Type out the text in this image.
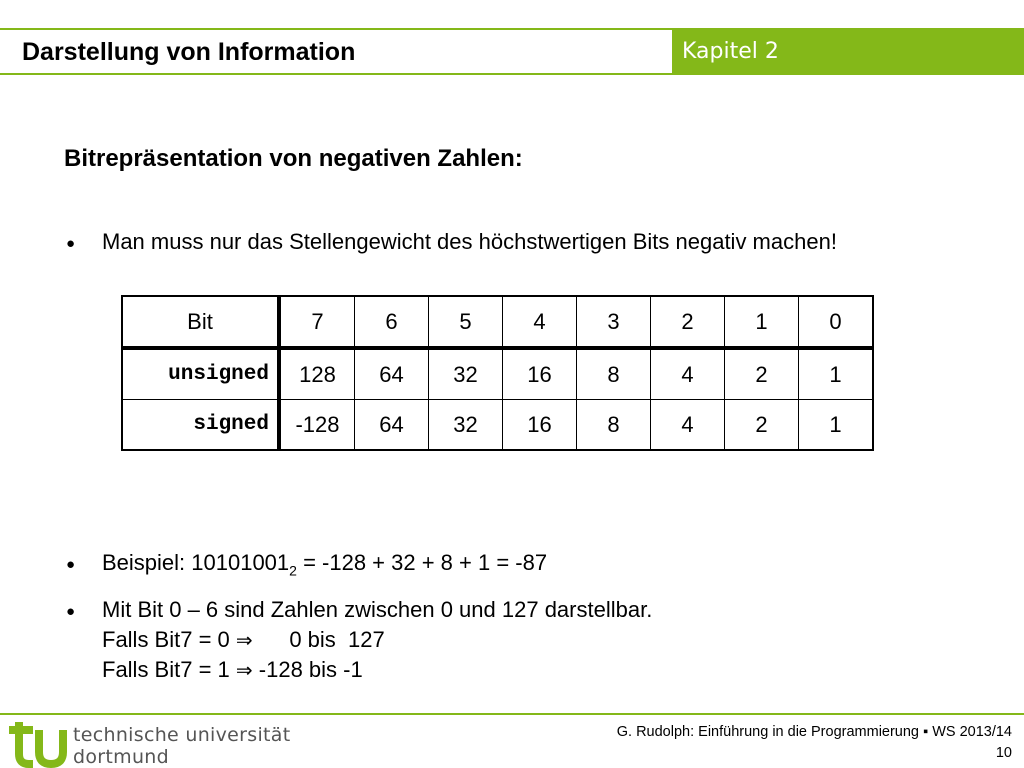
Darstellung von Information	Kapitel 2
Bitrepräsentation von negativen Zahlen:
● Man muss nur das Stellengewicht des höchstwertigen Bits negativ machen!
Bit	7	6	5	4	3	2	1	0
unsigned	128	64	32	16	8	4	2	1
signed	-128	64	32	16	8	4	2	1
● Beispiel: $10101001_2 = -128 + 32 + 8 + 1 = -87$
● Mit Bit 0 – 6 sind Zahlen zwischen 0 und 127 darstellbar.
Falls Bit7 = 0 ⇒      0 bis  127
Falls Bit7 = 1 ⇒ -128 bis -1
technische universität
dortmund
G. Rudolph: Einführung in die Programmierung ▪ WS 2013/14
10
